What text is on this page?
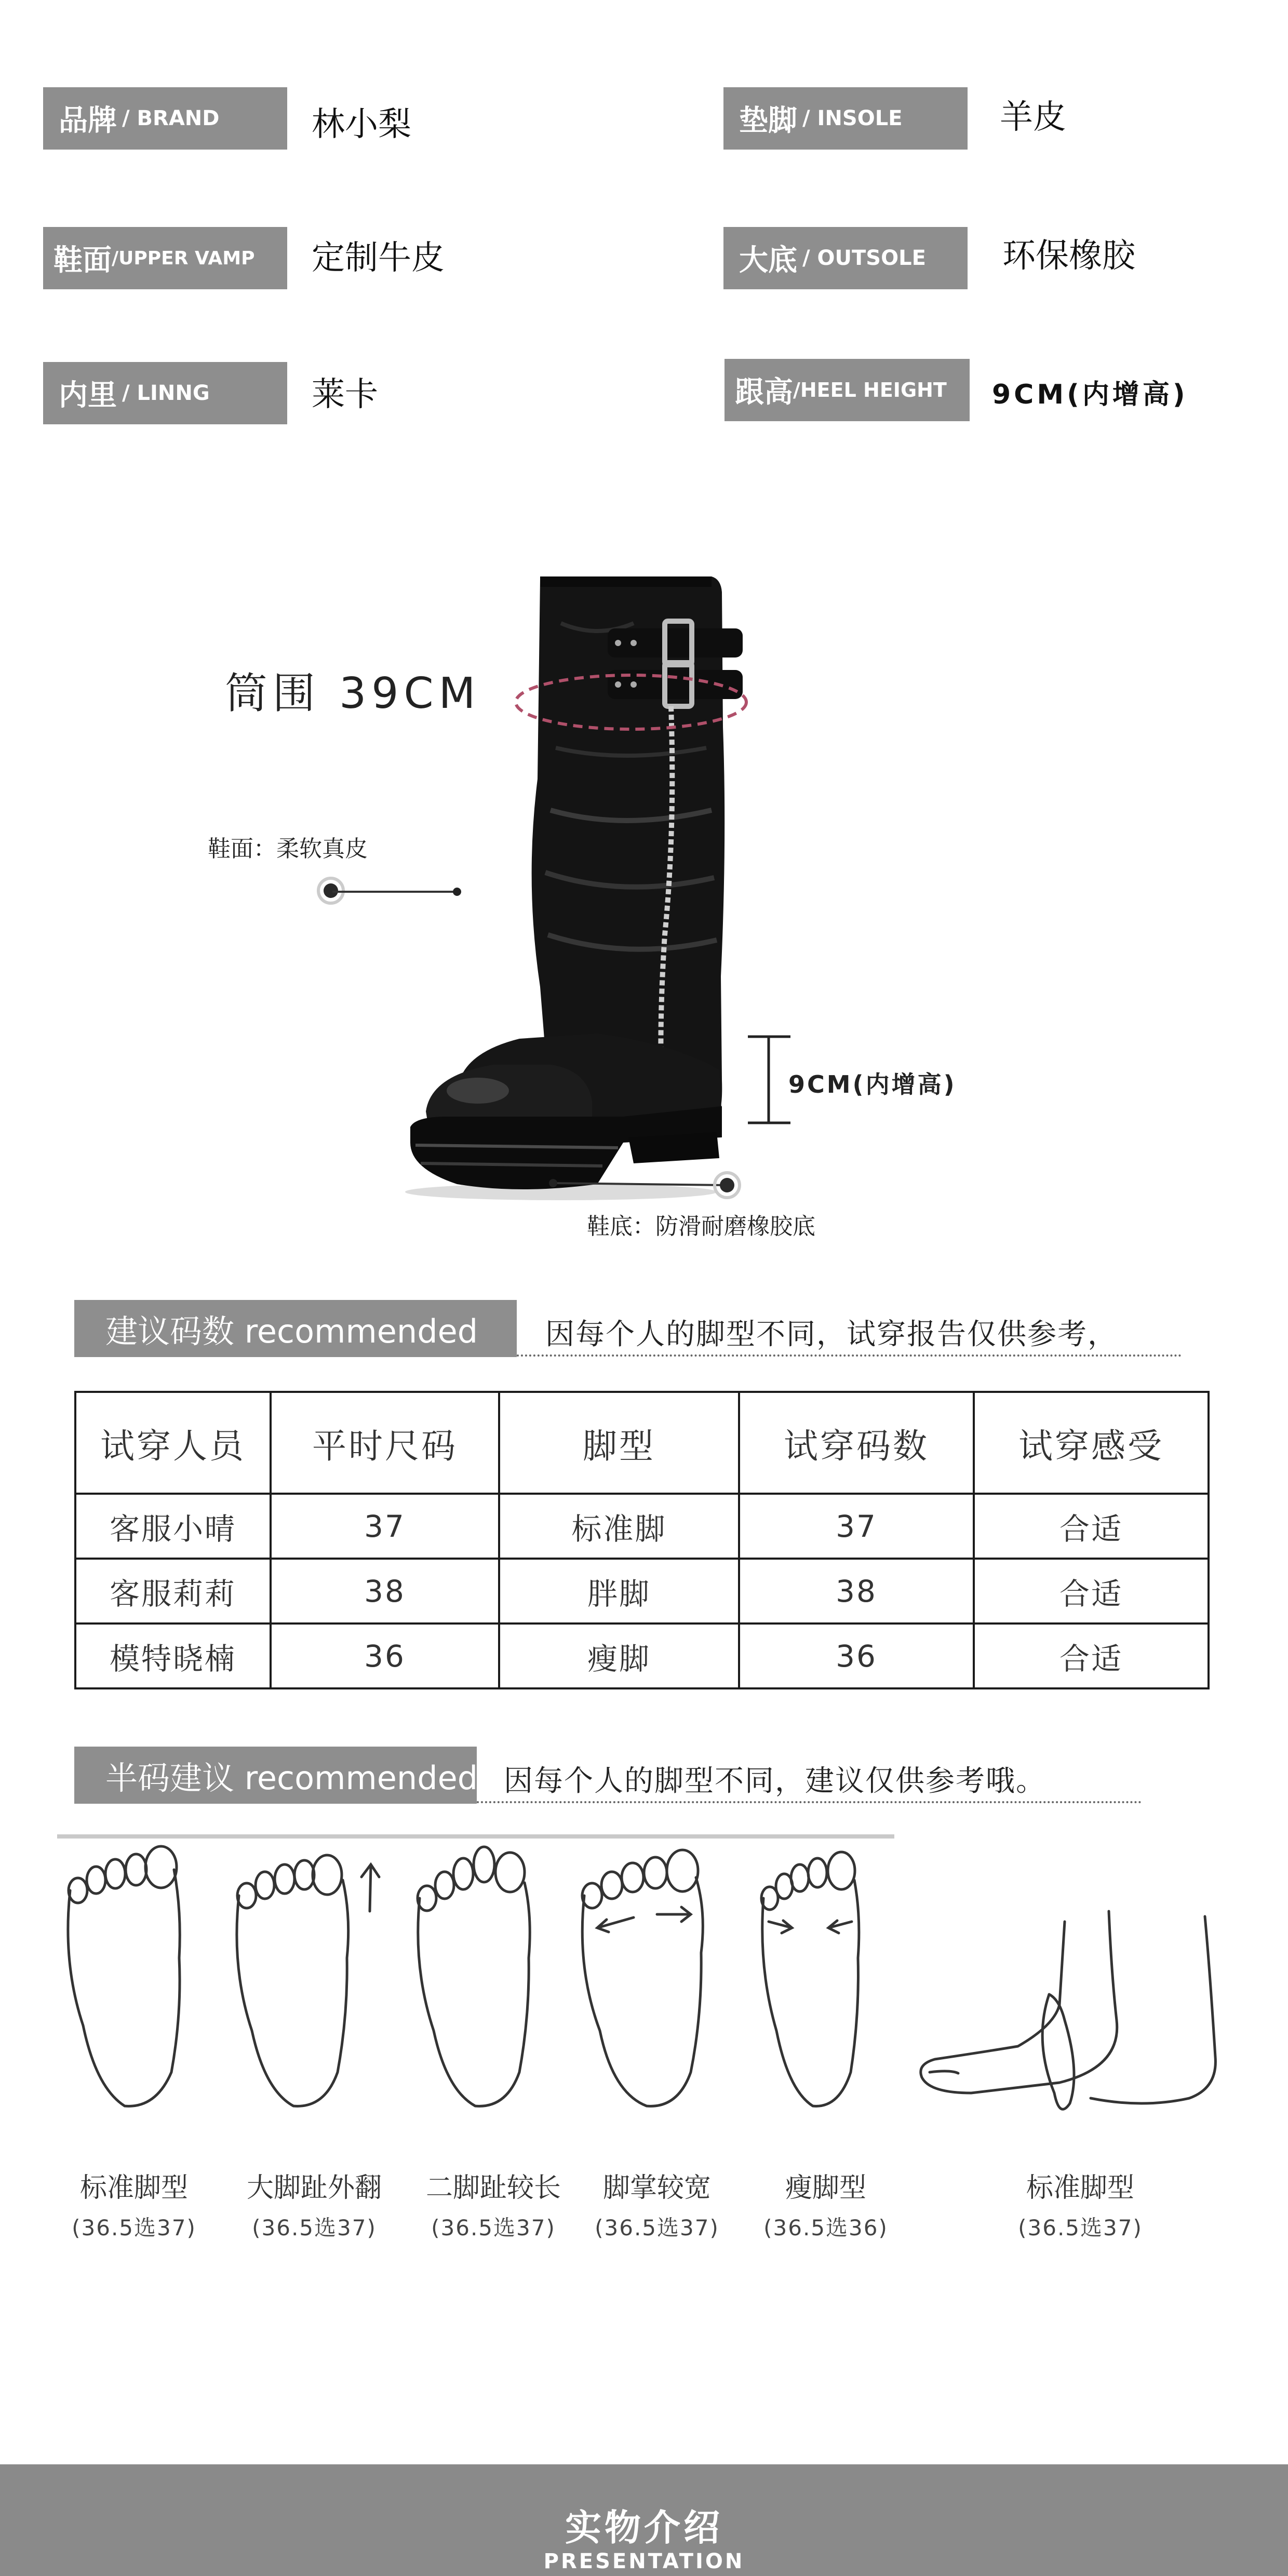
品牌 / BRAND	林小梨	垫脚 / INSOLE	羊皮
鞋面 /UPPER VAMP 定制牛皮	大底 / OUTSOLE 环保橡胶
内里 / LINNG	莱卡	跟高 /HEEL HEIGHT 9CM(内增高)
筒围 39CM
鞋面：柔软真皮
9CM(内增高)
鞋底：防滑耐磨橡胶底
建议码数 recommended	因每个人的脚型不同，试穿报告仅供参考，
试穿人员	平时尺码	脚型	试穿码数	试穿感受
客服小晴	37	标准脚	37	合适
客服莉莉	38	胖脚	38	合适
模特晓楠	36	瘦脚	36	合适
半码建议 recommended 因每个人的脚型不同，建议仅供参考哦。
标准脚型
(36.5选37)
大脚趾外翻
(36.5选37)
二脚趾较长
(36.5选37)
脚掌较宽
(36.5选37)
瘦脚型
(36.5选36)
标准脚型
(36.5选37)
实物介绍
PRESENTATION
